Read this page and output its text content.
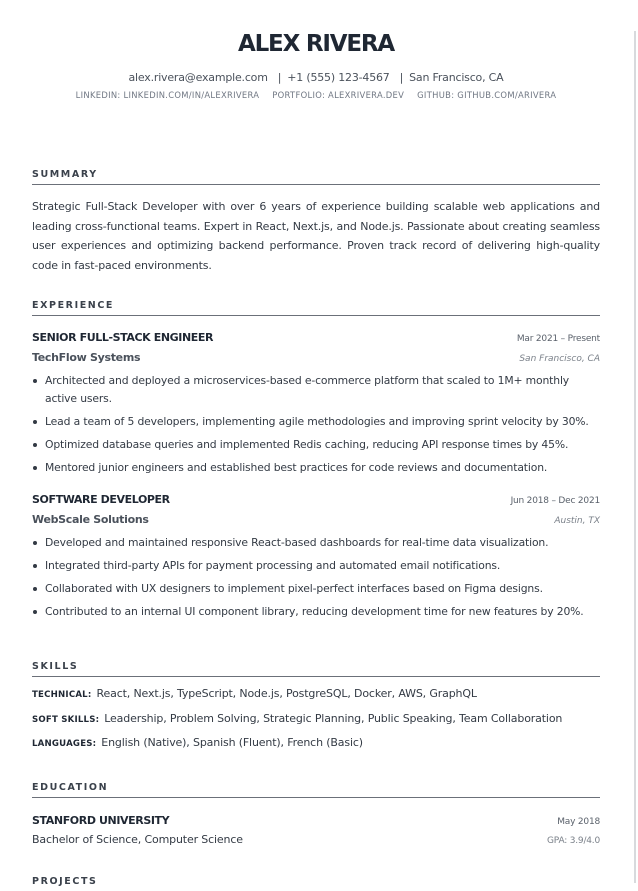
ALEX RIVERA
alex.rivera@example.com | +1 (555) 123-4567 | San Francisco, CA
LINKEDIN: LINKEDIN.COM/IN/ALEXRIVERA PORTFOLIO: ALEXRIVERA.DEV GITHUB: GITHUB.COM/ARIVERA
SUMMARY
Strategic Full-Stack Developer with over 6 years of experience building scalable web applications and leading cross-functional teams. Expert in React, Next.js, and Node.js. Passionate about creating seamless user experiences and optimizing backend performance. Proven track record of delivering high-quality code in fast-paced environments.
EXPERIENCE
SENIOR FULL-STACK ENGINEER	Mar 2021 – Present
TechFlow Systems	San Francisco, CA
Architected and deployed a microservices-based e-commerce platform that scaled to 1M+ monthly active users.
Lead a team of 5 developers, implementing agile methodologies and improving sprint velocity by 30%.
Optimized database queries and implemented Redis caching, reducing API response times by 45%.
Mentored junior engineers and established best practices for code reviews and documentation.
SOFTWARE DEVELOPER	Jun 2018 – Dec 2021
WebScale Solutions	Austin, TX
Developed and maintained responsive React-based dashboards for real-time data visualization.
Integrated third-party APIs for payment processing and automated email notifications.
Collaborated with UX designers to implement pixel-perfect interfaces based on Figma designs.
Contributed to an internal UI component library, reducing development time for new features by 20%.
SKILLS
TECHNICAL: React, Next.js, TypeScript, Node.js, PostgreSQL, Docker, AWS, GraphQL
SOFT SKILLS: Leadership, Problem Solving, Strategic Planning, Public Speaking, Team Collaboration
LANGUAGES: English (Native), Spanish (Fluent), French (Basic)
EDUCATION
STANFORD UNIVERSITY	May 2018
Bachelor of Science, Computer Science	GPA: 3.9/4.0
PROJECTS
